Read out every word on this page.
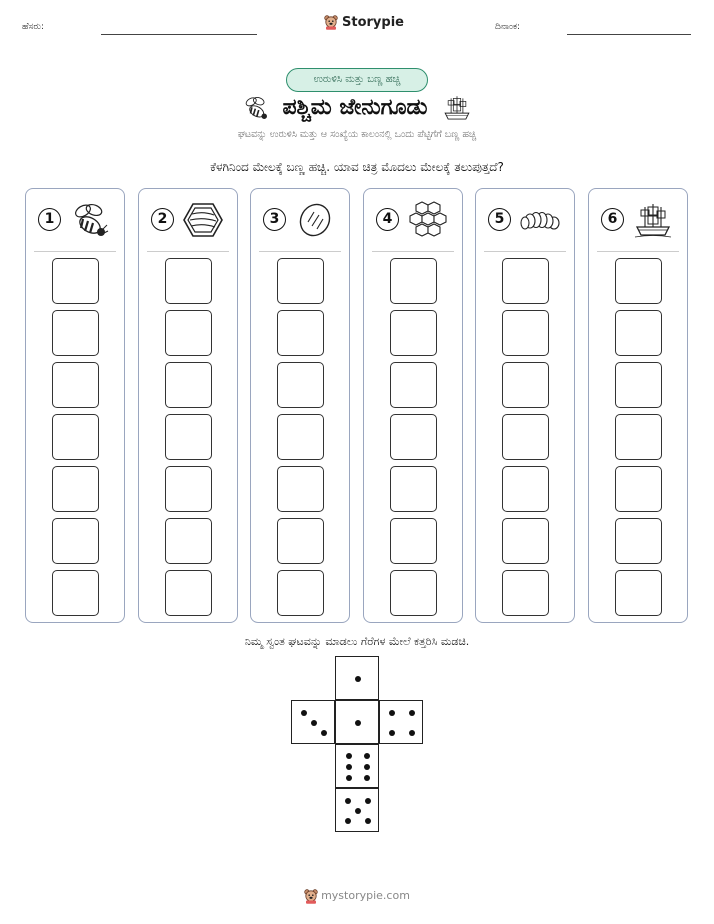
ಹೆಸರು:	Storypie	ದಿನಾಂಕ:
ಉರುಳಿಸಿ ಮತ್ತು ಬಣ್ಣ ಹಚ್ಚಿ
ಪಶ್ಚಿಮ ಜೇನುಗೂಡು
ಘಟವನ್ನು ಉರುಳಿಸಿ ಮತ್ತು ಆ ಸಂಖ್ಯೆಯ ಕಾಲಂನಲ್ಲಿ ಒಂದು ಪೆಟ್ಟಿಗೆಗೆ ಬಣ್ಣ ಹಚ್ಚಿ
ಕೆಳಗಿನಿಂದ ಮೇಲಕ್ಕೆ ಬಣ್ಣ ಹಚ್ಚಿ. ಯಾವ ಚಿತ್ರ ಮೊದಲು ಮೇಲಕ್ಕೆ ತಲುಪುತ್ತದೆ?
1	2	3	4	5	6
ನಿಮ್ಮ ಸ್ವಂತ ಘಟವನ್ನು ಮಾಡಲು ಗೆರೆಗಳ ಮೇಲೆ ಕತ್ತರಿಸಿ ಮಡಚಿ.
mystorypie.com
